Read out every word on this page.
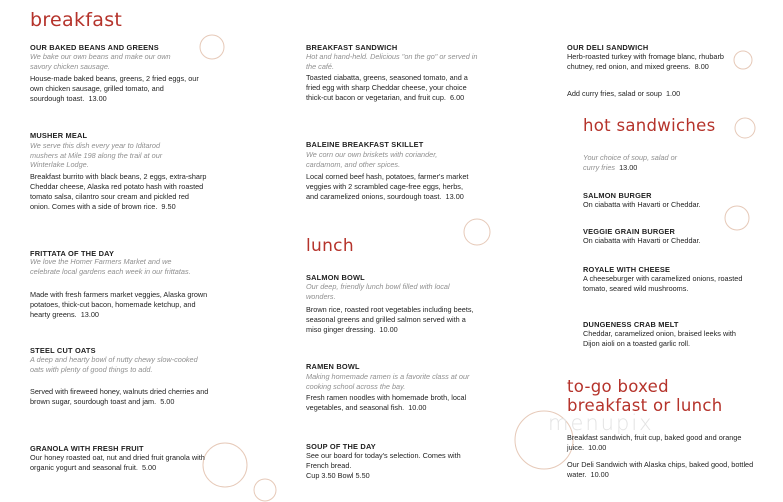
menupix
breakfast

OUR BAKED BEANS AND GREENS

We bake our own beans and make our own savory chicken sausage.

House-made baked beans, greens, 2 fried eggs, our own chicken sausage, grilled tomato, and sourdough toast. 13.00

MUSHER MEAL

We serve this dish every year to Iditarod mushers at Mile 198 along the trail at our Winterlake Lodge.

Breakfast burrito with black beans, 2 eggs, extra-sharp Cheddar cheese, Alaska red potato hash with roasted tomato salsa, cilantro sour cream and pickled red onion. Comes with a side of brown rice. 9.50

FRITTATA OF THE DAY

We love the Homer Farmers Market and we celebrate local gardens each week in our frittatas.

Made with fresh farmers market veggies, Alaska grown potatoes, thick-cut bacon, homemade ketchup, and hearty greens. 13.00

STEEL CUT OATS

A deep and hearty bowl of nutty chewy slow-cooked oats with plenty of good things to add.

Served with fireweed honey, walnuts dried cherries and brown sugar, sourdough toast and jam. 5.00

GRANOLA WITH FRESH FRUIT

Our honey roasted oat, nut and dried fruit granola with organic yogurt and seasonal fruit. 5.00

BREAKFAST SANDWICH

Hot and hand-held. Delicious "on the go" or served in the café.

Toasted ciabatta, greens, seasoned tomato, and a fried egg with sharp Cheddar cheese, your choice thick-cut bacon or vegetarian, and fruit cup. 6.00

BALEINE BREAKFAST SKILLET

We corn our own briskets with coriander, cardamom, and other spices.

Local corned beef hash, potatoes, farmer's market veggies with 2 scrambled cage-free eggs, herbs, and caramelized onions, sourdough toast. 13.00

lunch

SALMON BOWL

Our deep, friendly lunch bowl filled with local wonders.

Brown rice, roasted root vegetables including beets, seasonal greens and grilled salmon served with a miso ginger dressing. 10.00

RAMEN BOWL

Making homemade ramen is a favorite class at our cooking school across the bay.

Fresh ramen noodles with homemade broth, local vegetables, and seasonal fish. 10.00

SOUP OF THE DAY

See our board for today's selection. Comes with French bread.

Cup 3.50 Bowl 5.50

OUR DELI SANDWICH

Herb-roasted turkey with fromage blanc, rhubarb chutney, red onion, and mixed greens. 8.00

Add curry fries, salad or soup 1.00

hot sandwiches

Your choice of soup, salad or curry fries 13.00

SALMON BURGER

On ciabatta with Havarti or Cheddar.

VEGGIE GRAIN BURGER

On ciabatta with Havarti or Cheddar.

ROYALE WITH CHEESE

A cheeseburger with caramelized onions, roasted tomato, seared wild mushrooms.

DUNGENESS CRAB MELT

Cheddar, caramelized onion, braised leeks with Dijon aioli on a toasted garlic roll.

to-go boxed
breakfast or lunch

Breakfast sandwich, fruit cup, baked good and orange juice. 10.00

Our Deli Sandwich with Alaska chips, baked good, bottled water. 10.00
